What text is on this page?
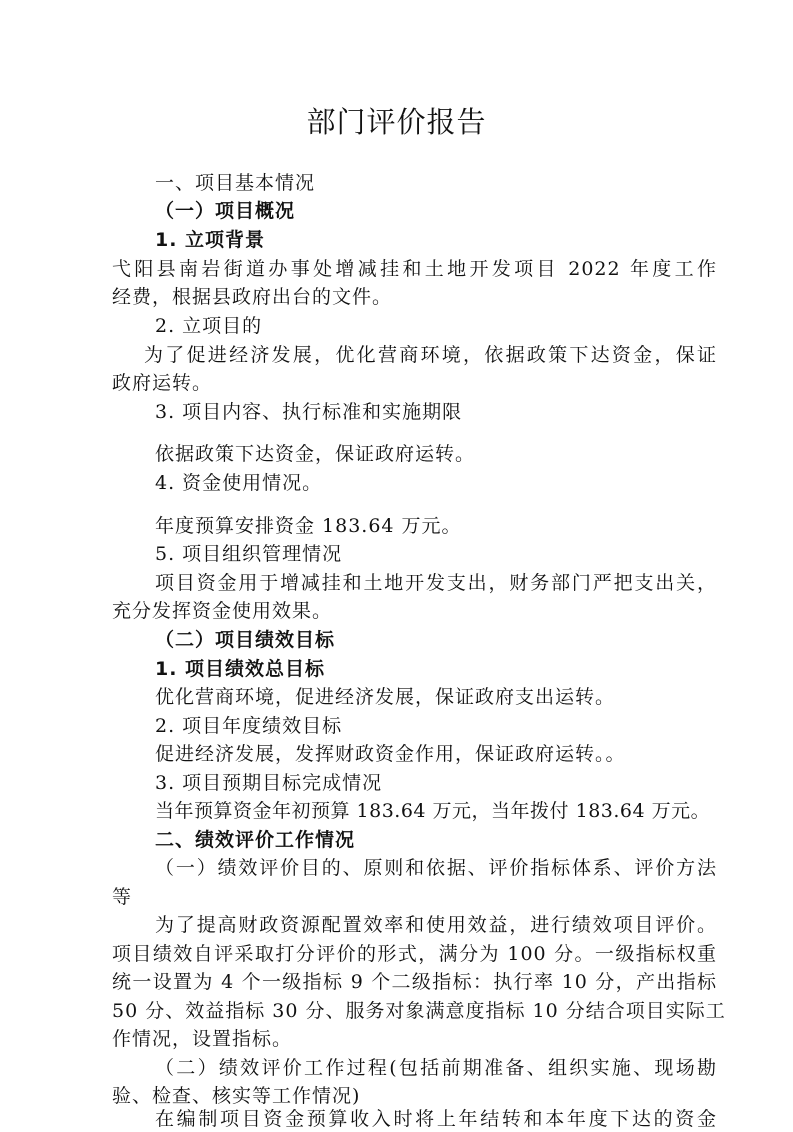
部门评价报告
一、项目基本情况
（一）项目概况
1. 立项背景
弋阳县南岩街道办事处增减挂和土地开发项目 2022 年度工作
经费，根据县政府出台的文件。
2. 立项目的
为了促进经济发展，优化营商环境，依据政策下达资金，保证
政府运转。
3. 项目内容、执行标准和实施期限
依据政策下达资金，保证政府运转。
4. 资金使用情况。
年度预算安排资金 183.64 万元。
5. 项目组织管理情况
项目资金用于增减挂和土地开发支出，财务部门严把支出关，
充分发挥资金使用效果。
（二）项目绩效目标
1. 项目绩效总目标
优化营商环境，促进经济发展，保证政府支出运转。
2. 项目年度绩效目标
促进经济发展，发挥财政资金作用，保证政府运转。。
3. 项目预期目标完成情况
当年预算资金年初预算 183.64 万元，当年拨付 183.64 万元。
二、绩效评价工作情况
（一）绩效评价目的、原则和依据、评价指标体系、评价方法
等
为了提高财政资源配置效率和使用效益，进行绩效项目评价。
项目绩效自评采取打分评价的形式，满分为 100 分。一级指标权重
统一设置为 4 个一级指标 9 个二级指标：执行率 10 分，产出指标
50 分、效益指标 30 分、服务对象满意度指标 10 分结合项目实际工
作情况，设置指标。
（二）绩效评价工作过程(包括前期准备、组织实施、现场勘
验、检查、核实等工作情况)
在编制项目资金预算收入时将上年结转和本年度下达的资金
